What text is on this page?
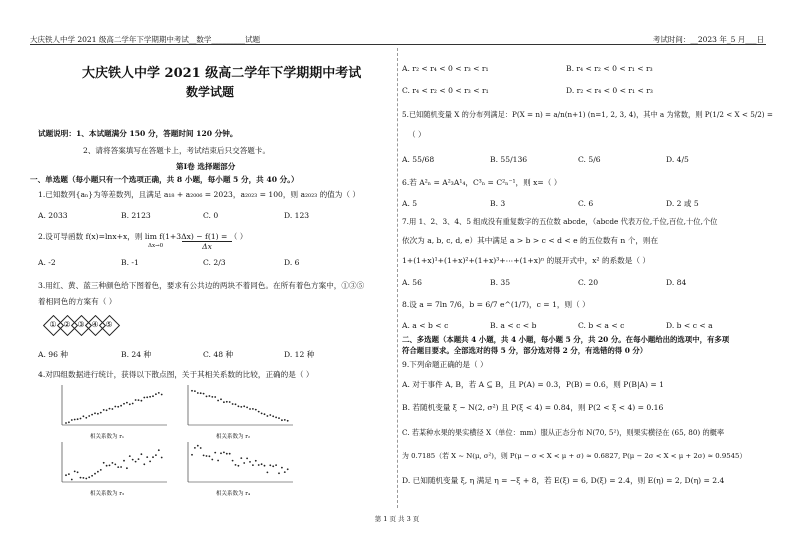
大庆铁人中学 2021 级高二学年下学期期中考试__数学_________试题	考试时间：__2023 年_5 月___日
大庆铁人中学 2021 级高二学年下学期期中考试
数学试题
试题说明：1、本试题满分 150 分，答题时间 120 分钟。
2、请将答案填写在答题卡上，考试结束后只交答题卡。
第Ⅰ卷 选择题部分
一、单选题（每小题只有一个选项正确，共 8 小题，每小题 5 分，共 40 分。）
1.已知数列{aₙ}为等差数列，且满足 a₁₈ + a₂₀₀₆ = 2023，a₂₀₂₃ = 100，则 a₂₀₂₃ 的值为（ ）
A. 2033	B. 2123	C. 0	D. 123
2.设可导函数 f(x)=lnx+x，则 lim f(1+3Δx) − f(1) = （ ）
Δx
Δx→0
A. -2	B. -1	C. 2/3	D. 6
3.用红、黄、蓝三种颜色给下图着色，要求有公共边的两块不着同色。在所有着色方案中，①③⑤
着相同色的方案有（ ）
① ② ③ ④ ⑤
A. 96 种	B. 24 种	C. 48 种	D. 12 种
4.对四组数据进行统计，获得以下散点图，关于其相关系数的比较，正确的是（ ）
相关系数为 r₁	相关系数为 r₂
相关系数为 r₃	相关系数为 r₄
A. r₂ < r₄ < 0 < r₃ < r₁	B. r₄ < r₂ < 0 < r₁ < r₃
C. r₄ < r₂ < 0 < r₃ < r₁	D. r₂ < r₄ < 0 < r₁ < r₃
5.已知随机变量 X 的分布列满足：P(X = n) = a/n(n+1) (n=1, 2, 3, 4)，其中 a 为常数，则 P(1/2 < X < 5/2) =
（ ）
A. 55/68	B. 55/136	C. 5/6	D. 4/5
6.若 A²ₙ = A²₃A¹₄，C³ₙ = C²ₙ⁻¹，则 x=（ ）
A. 5	B. 3	C. 6	D. 2 或 5
7.用 1、2、3、4、5 组成没有重复数字的五位数 abcde，（abcde 代表万位,千位,百位,十位,个位
依次为 a, b, c, d, e）其中满足 a > b > c < d < e 的五位数有 n 个，则在
1+(1+x)¹+(1+x)²+(1+x)³+⋯+(1+x)ⁿ 的展开式中，x² 的系数是（ ）
A. 56	B. 35	C. 20	D. 84
8.设 a = 7ln 7/6，b = 6/7 e^(1/7)，c = 1，则（ ）
A. a < b < c	B. a < c < b	C. b < a < c	D. b < c < a
二、多选题（本题共 4 小题，共 4 小题，每小题 5 分，共 20 分。在每小题给出的选项中，有多项
符合题目要求。全部选对的得 5 分，部分选对得 2 分，有选错的得 0 分）
9.下列命题正确的是（ ）
A. 对于事件 A, B，若 A ⊆ B，且 P(A) = 0.3，P(B) = 0.6，则 P(B|A) = 1
B. 若随机变量 ξ ~ N(2, σ²) 且 P(ξ < 4) = 0.84，则 P(2 < ξ < 4) = 0.16
C. 若某种水果的果实横径 X（单位：mm）服从正态分布 N(70, 5²)，则果实横径在 (65, 80) 的概率
为 0.7185（若 X ~ N(μ, σ²)，则 P(μ − σ < X < μ + σ) ≈ 0.6827, P(μ − 2σ < X < μ + 2σ) ≈ 0.9545）
D. 已知随机变量 ξ, η 满足 η = −ξ + 8，若 E(ξ) = 6, D(ξ) = 2.4，则 E(η) = 2, D(η) = 2.4
第 1 页 共 3 页
